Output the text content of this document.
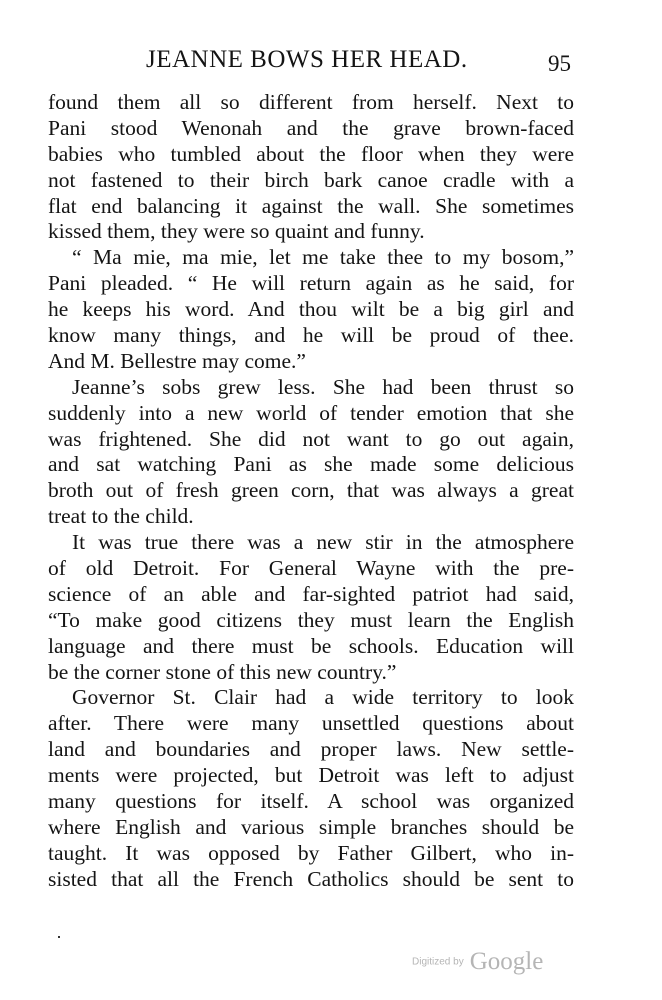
JEANNE BOWS HER HEAD.	95
found them all so different from herself. Next to
Pani stood Wenonah and the grave brown-faced
babies who tumbled about the floor when they were
not fastened to their birch bark canoe cradle with a
flat end balancing it against the wall. She sometimes
kissed them, they were so quaint and funny.
“ Ma mie, ma mie, let me take thee to my bosom,”
Pani pleaded. “ He will return again as he said, for
he keeps his word. And thou wilt be a big girl and
know many things, and he will be proud of thee.
And M. Bellestre may come.”
Jeanne’s sobs grew less. She had been thrust so
suddenly into a new world of tender emotion that she
was frightened. She did not want to go out again,
and sat watching Pani as she made some delicious
broth out of fresh green corn, that was always a great
treat to the child.
It was true there was a new stir in the atmosphere
of old Detroit. For General Wayne with the pre-
science of an able and far-sighted patriot had said,
“To make good citizens they must learn the English
language and there must be schools. Education will
be the corner stone of this new country.”
Governor St. Clair had a wide territory to look
after. There were many unsettled questions about
land and boundaries and proper laws. New settle-
ments were projected, but Detroit was left to adjust
many questions for itself. A school was organized
where English and various simple branches should be
taught. It was opposed by Father Gilbert, who in-
sisted that all the French Catholics should be sent to
Digitized by Google
